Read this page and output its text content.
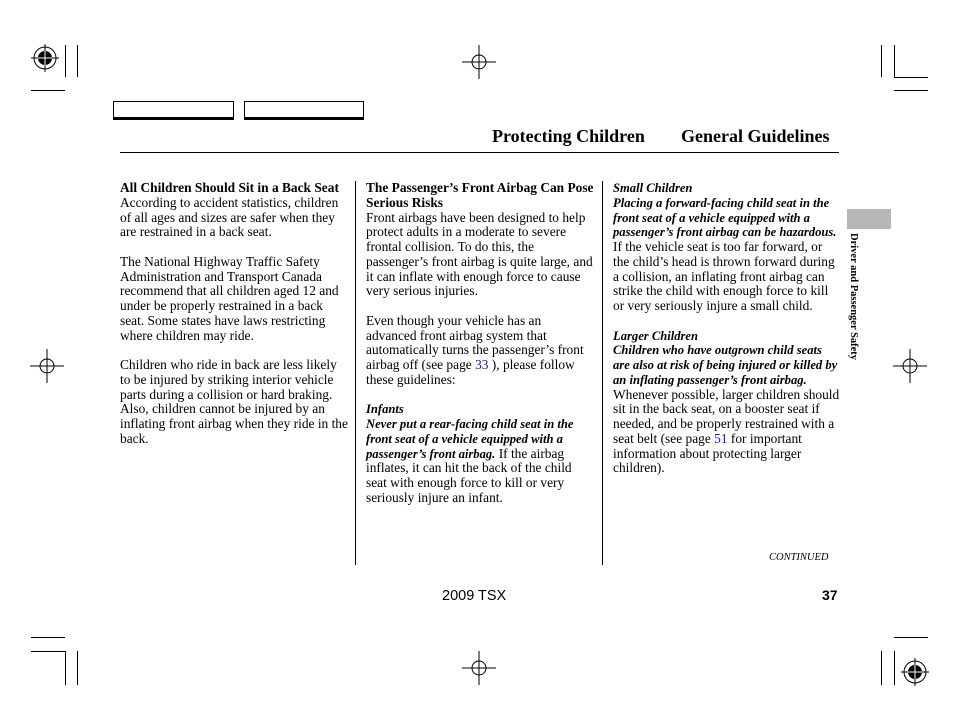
Protecting Children General Guidelines

All Children Should Sit in a Back Seat

According to accident statistics, children of all ages and sizes are safer when they are restrained in a back seat.

The National Highway Traffic Safety Administration and Transport Canada recommend that all children aged 12 and under be properly restrained in a back seat. Some states have laws restricting where children may ride.

Children who ride in back are less likely to be injured by striking interior vehicle parts during a collision or hard braking. Also, children cannot be injured by an inflating front airbag when they ride in the back.

The Passenger’s Front Airbag Can Pose Serious Risks

Front airbags have been designed to help protect adults in a moderate to severe frontal collision. To do this, the passenger’s front airbag is quite large, and it can inflate with enough force to cause very serious injuries.

Even though your vehicle has an advanced front airbag system that automatically turns the passenger’s front airbag off (see page 33 ), please follow these guidelines:

Infants

Never put a rear-facing child seat in the front seat of a vehicle equipped with a passenger’s front airbag. If the airbag inflates, it can hit the back of the child seat with enough force to kill or very seriously injure an infant.

Small Children

Placing a forward-facing child seat in the front seat of a vehicle equipped with a passenger’s front airbag can be hazardous. If the vehicle seat is too far forward, or the child’s head is thrown forward during a collision, an inflating front airbag can strike the child with enough force to kill or very seriously injure a small child.

Larger Children

Children who have outgrown child seats are also at risk of being injured or killed by an inflating passenger’s front airbag. Whenever possible, larger children should sit in the back seat, on a booster seat if needed, and be properly restrained with a seat belt (see page 51 for important information about protecting larger children).

Driver and Passenger Safety
CONTINUED
2009 TSX	37
